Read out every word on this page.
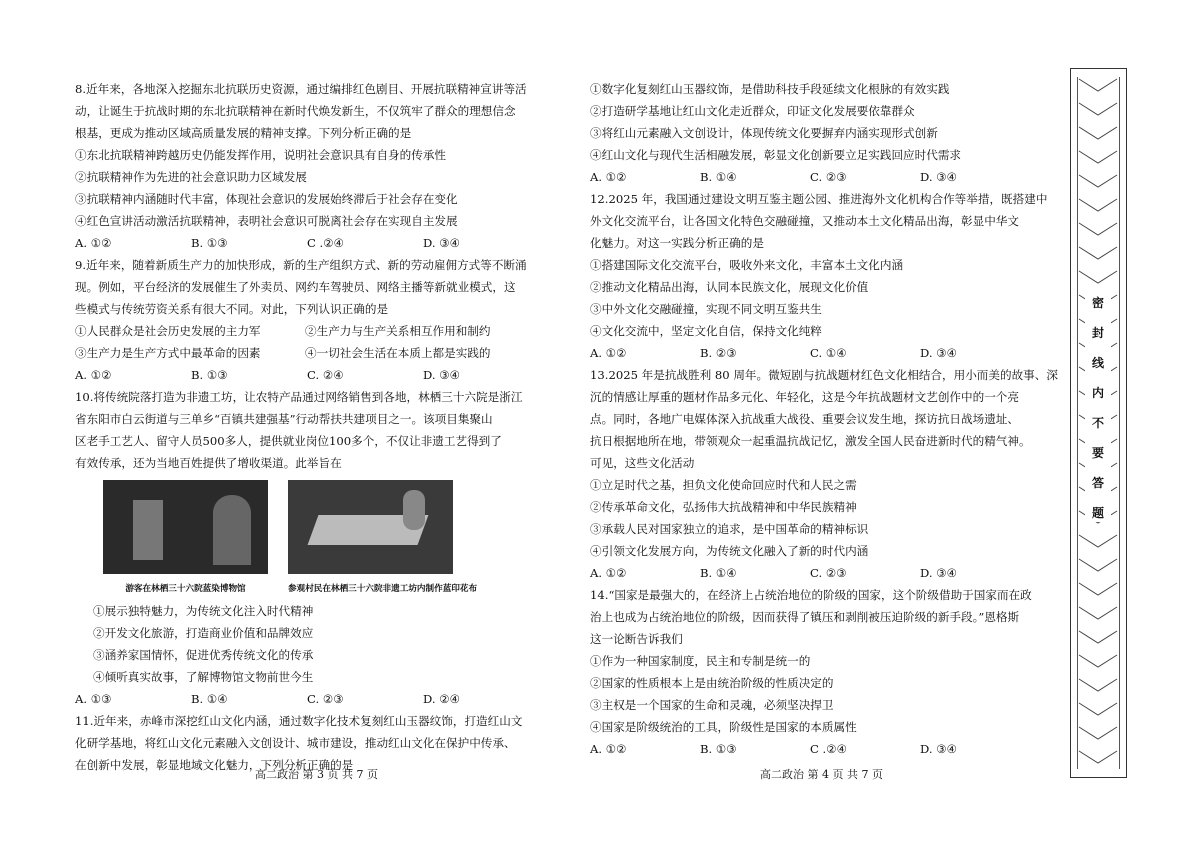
8.近年来，各地深入挖掘东北抗联历史资源，通过编排红色剧目、开展抗联精神宣讲等活
动，让诞生于抗战时期的东北抗联精神在新时代焕发新生，不仅筑牢了群众的理想信念
根基，更成为推动区域高质量发展的精神支撑。下列分析正确的是
①东北抗联精神跨越历史仍能发挥作用，说明社会意识具有自身的传承性
②抗联精神作为先进的社会意识助力区域发展
③抗联精神内涵随时代丰富，体现社会意识的发展始终滞后于社会存在变化
④红色宣讲活动激活抗联精神，表明社会意识可脱离社会存在实现自主发展
A. ①②	B. ①③	C .②④	D. ③④
9.近年来，随着新质生产力的加快形成，新的生产组织方式、新的劳动雇佣方式等不断涌
现。例如，平台经济的发展催生了外卖员、网约车驾驶员、网络主播等新就业模式，这
些模式与传统劳资关系有很大不同。对此，下列认识正确的是
①人民群众是社会历史发展的主力军	②生产力与生产关系相互作用和制约
③生产力是生产方式中最革命的因素	④一切社会生活在本质上都是实践的
A. ①②	B. ①③	C. ②④	D. ③④
10.将传统院落打造为非遗工坊，让农特产品通过网络销售到各地，林栖三十六院是浙江
省东阳市白云街道与三单乡“百镇共建强基”行动帮扶共建项目之一。该项目集聚山
区老手工艺人、留守人员500多人，提供就业岗位100多个，不仅让非遗工艺得到了
有效传承，还为当地百姓提供了增收渠道。此举旨在
游客在林栖三十六院蓝染博物馆	参观村民在林栖三十六院非遗工坊内制作蓝印花布
①展示独特魅力，为传统文化注入时代精神
②开发文化旅游，打造商业价值和品牌效应
③涵养家国情怀，促进优秀传统文化的传承
④倾听真实故事，了解博物馆文物前世今生
A. ①③	B. ①④	C. ②③	D. ②④
11.近年来，赤峰市深挖红山文化内涵，通过数字化技术复刻红山玉器纹饰，打造红山文
化研学基地，将红山文化元素融入文创设计、城市建设，推动红山文化在保护中传承、
在创新中发展，彰显地域文化魅力，下列分析正确的是
①数字化复刻红山玉器纹饰，是借助科技手段延续文化根脉的有效实践
②打造研学基地让红山文化走近群众，印证文化发展要依靠群众
③将红山元素融入文创设计，体现传统文化要摒弃内涵实现形式创新
④红山文化与现代生活相融发展，彰显文化创新要立足实践回应时代需求
A. ①②	B. ①④	C. ②③	D. ③④
12.2025 年，我国通过建设文明互鉴主题公园、推进海外文化机构合作等举措，既搭建中
外文化交流平台，让各国文化特色交融碰撞，又推动本土文化精品出海，彰显中华文
化魅力。对这一实践分析正确的是
①搭建国际文化交流平台，吸收外来文化，丰富本土文化内涵
②推动文化精品出海，认同本民族文化，展现文化价值
③中外文化交融碰撞，实现不同文明互鉴共生
④文化交流中，坚定文化自信，保持文化纯粹
A. ①②	B. ②③	C. ①④	D. ③④
13.2025 年是抗战胜利 80 周年。微短剧与抗战题材红色文化相结合，用小而美的故事、深
沉的情感让厚重的题材作品多元化、年轻化，这是今年抗战题材文艺创作中的一个亮
点。同时，各地广电媒体深入抗战重大战役、重要会议发生地，探访抗日战场遗址、
抗日根据地所在地，带领观众一起重温抗战记忆，激发全国人民奋进新时代的精气神。
可见，这些文化活动
①立足时代之基，担负文化使命回应时代和人民之需
②传承革命文化，弘扬伟大抗战精神和中华民族精神
③承载人民对国家独立的追求，是中国革命的精神标识
④引领文化发展方向，为传统文化融入了新的时代内涵
A. ①②	B. ①④	C. ②③	D. ③④
14.“国家是最强大的，在经济上占统治地位的阶级的国家，这个阶级借助于国家而在政
治上也成为占统治地位的阶级，因而获得了镇压和剥削被压迫阶级的新手段。”恩格斯
这一论断告诉我们
①作为一种国家制度，民主和专制是统一的
②国家的性质根本上是由统治阶级的性质决定的
③主权是一个国家的生命和灵魂，必须坚决捍卫
④国家是阶级统治的工具，阶级性是国家的本质属性
A. ①②	B. ①③	C .②④	D. ③④
高二政治 第 3 页 共 7 页	高二政治 第 4 页 共 7 页
密
封
线
内
不
要
答
题
